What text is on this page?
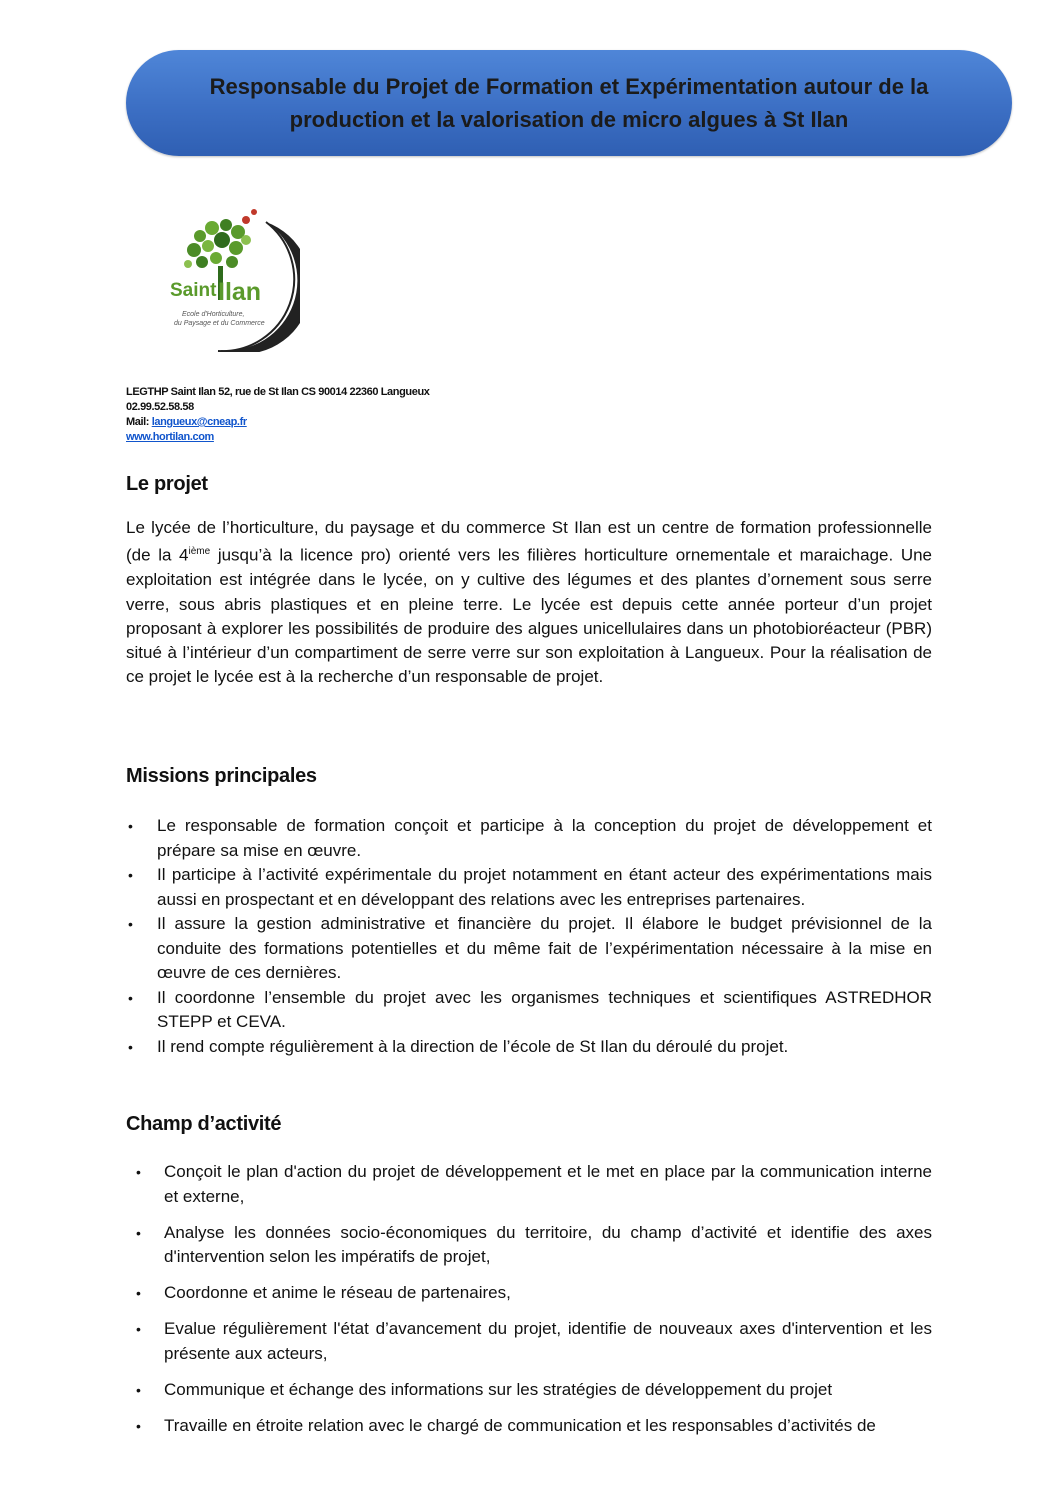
Responsable du Projet de Formation et Expérimentation autour de la production et la valorisation de micro algues à St Ilan
Saint Ilan
Ecole d'Horticulture,
du Paysage et du Commerce
LEGTHP Saint Ilan 52, rue de St Ilan CS 90014 22360 Langueux
02.99.52.58.58
Mail: langueux@cneap.fr
www.hortilan.com
Le projet

Le lycée de l’horticulture, du paysage et du commerce St Ilan est un centre de formation professionnelle (de la 4ième jusqu’à la licence pro) orienté vers les filières horticulture ornementale et maraichage. Une exploitation est intégrée dans le lycée, on y cultive des légumes et des plantes d’ornement sous serre verre, sous abris plastiques et en pleine terre. Le lycée est depuis cette année porteur d’un projet proposant à explorer les possibilités de produire des algues unicellulaires dans un photobioréacteur (PBR) situé à l’intérieur d’un compartiment de serre verre sur son exploitation à Langueux. Pour la réalisation de ce projet le lycée est à la recherche d’un responsable de projet.

Missions principales
• Le responsable de formation conçoit et participe à la conception du projet de développement et prépare sa mise en œuvre.
• Il participe à l’activité expérimentale du projet notamment en étant acteur des expérimentations mais aussi en prospectant et en développant des relations avec les entreprises partenaires.
• Il assure la gestion administrative et financière du projet. Il élabore le budget prévisionnel de la conduite des formations potentielles et du même fait de l’expérimentation nécessaire à la mise en œuvre de ces dernières.
• Il coordonne l’ensemble du projet avec les organismes techniques et scientifiques ASTREDHOR STEPP et CEVA.
• Il rend compte régulièrement à la direction de l’école de St Ilan du déroulé du projet.
Champ d’activité
• Conçoit le plan d'action du projet de développement et le met en place par la communication interne et externe,
• Analyse les données socio-économiques du territoire, du champ d’activité et identifie des axes d'intervention selon les impératifs de projet,
• Coordonne et anime le réseau de partenaires,
• Evalue régulièrement l'état d’avancement du projet, identifie de nouveaux axes d'intervention et les présente aux acteurs,
• Communique et échange des informations sur les stratégies de développement du projet
• Travaille en étroite relation avec le chargé de communication et les responsables d’activités de
